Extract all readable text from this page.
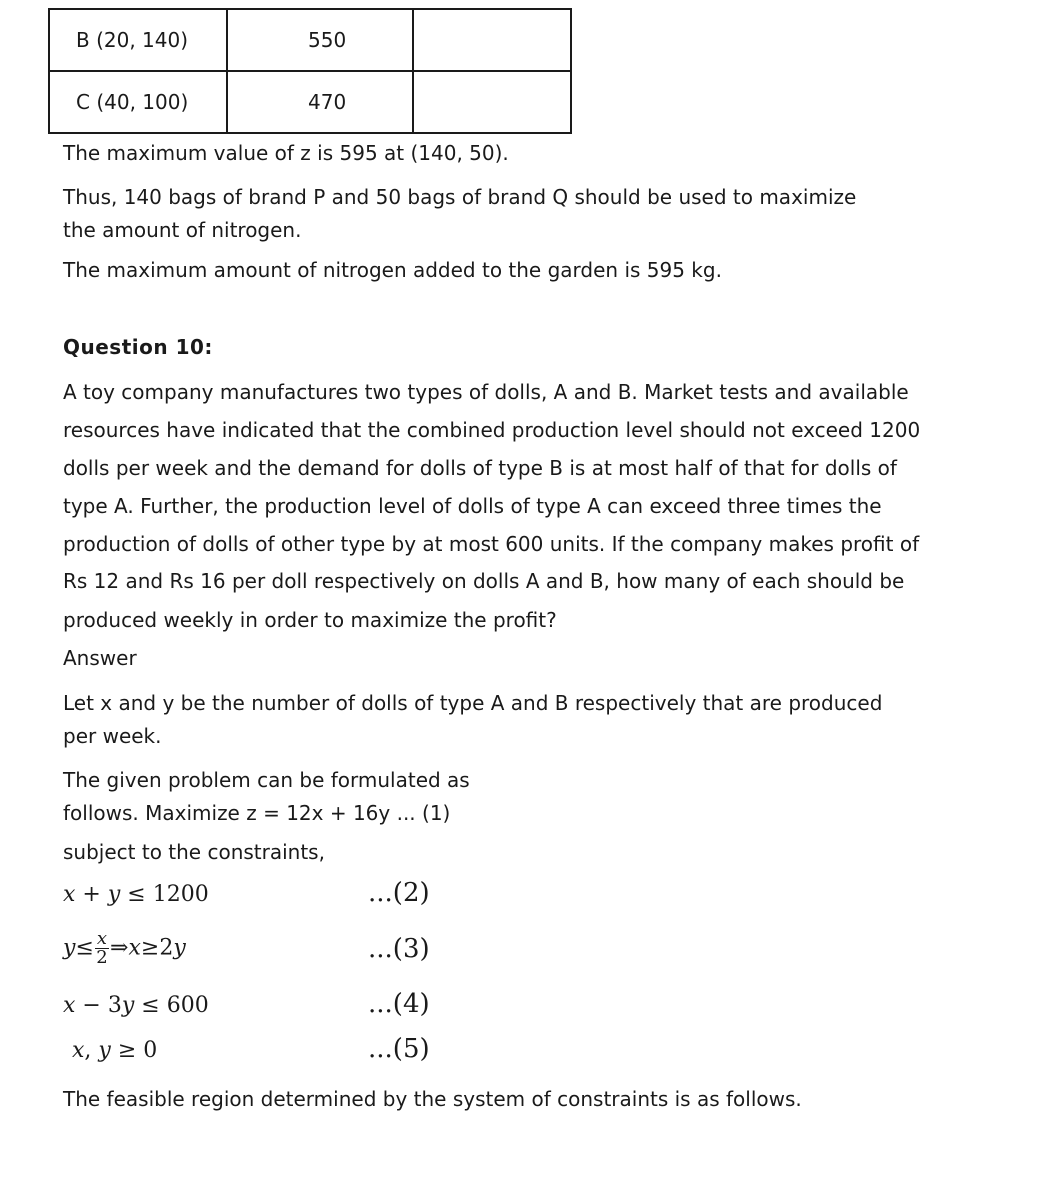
B (20, 140)	550	
C (40, 100)	470	
The maximum value of z is 595 at (140, 50).
Thus, 140 bags of brand P and 50 bags of brand Q should be used to maximize
the amount of nitrogen.
The maximum amount of nitrogen added to the garden is 595 kg.
Question 10:
A toy company manufactures two types of dolls, A and B. Market tests and available
resources have indicated that the combined production level should not exceed 1200
dolls per week and the demand for dolls of type B is at most half of that for dolls of
type A. Further, the production level of dolls of type A can exceed three times the
production of dolls of other type by at most 600 units. If the company makes profit of
Rs 12 and Rs 16 per doll respectively on dolls A and B, how many of each should be
produced weekly in order to maximize the profit?
Answer
Let x and y be the number of dolls of type A and B respectively that are produced
per week.
The given problem can be formulated as
follows. Maximize z = 12x + 16y ... (1)
subject to the constraints,
x + y ≤ 1200	...(2)
$y\le \frac{x}{2}$ ⇒x≥2y	...(3)
x − 3y ≤ 600	...(4)
x, y ≥ 0	...(5)
The feasible region determined by the system of constraints is as follows.
